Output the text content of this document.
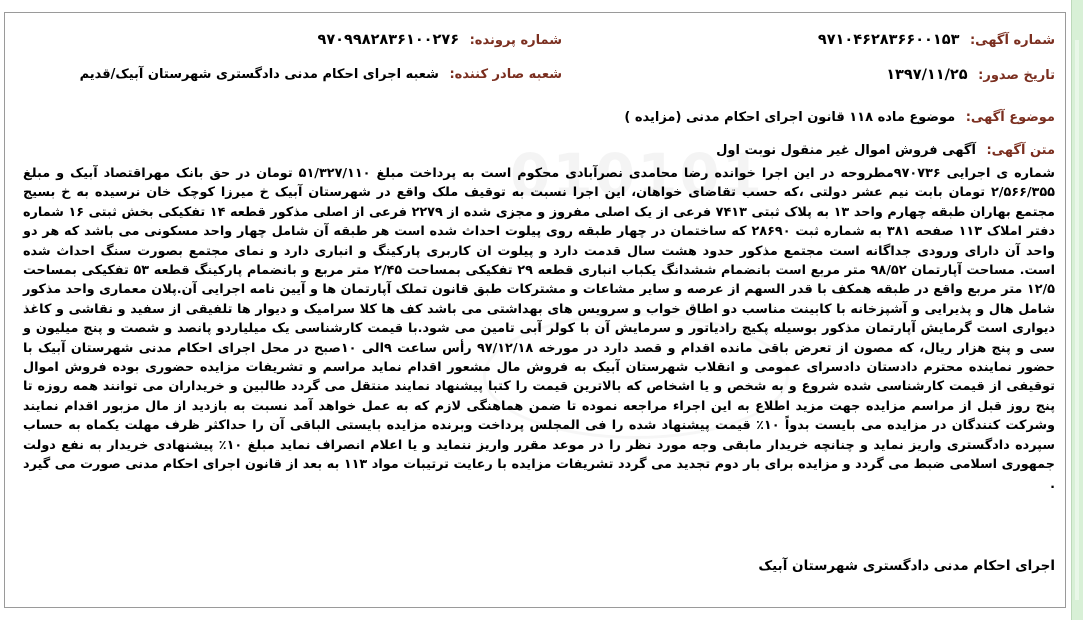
شماره آگهی: ۹۷۱۰۴۶۲۸۳۶۶۰۰۱۵۳
شماره پرونده: ۹۷۰۹۹۸۲۸۳۶۱۰۰۲۷۶
تاریخ صدور: ۱۳۹۷/۱۱/۲۵
شعبه صادر کننده: شعبه اجرای احکام مدنی دادگستری شهرستان آبیک/قدیم
موضوع آگهی: موضوع ماده ۱۱۸ قانون اجرای احکام مدنی (مزایده )
متن آگهی: آگهی فروش اموال غیر منقول نوبت اول
شماره ی اجرایی ۹۷۰۷۳۶مطروحه در این اجرا خوانده رضا محامدی نصرآبادی محکوم است به پرداخت مبلغ ۵۱/۳۲۷/۱۱۰ تومان در حق بانک مهراقتصاد آبیک و مبلغ ۲/۵۶۶/۳۵۵ تومان بابت نیم عشر دولتی ،که حسب تقاضای خواهان، این اجرا نسبت به توقیف ملک واقع در شهرستان آبیک خ میرزا کوچک خان نرسیده به خ بسیج مجتمع بهاران طبقه چهارم واحد ۱۳ به پلاک ثبتی ۷۴۱۳ فرعی از یک اصلی مفروز و مجزی شده از ۲۲۷۹ فرعی از اصلی مذکور قطعه ۱۴ تفکیکی بخش ثبتی ۱۶ شماره دفتر املاک ۱۱۳ صفحه ۳۸۱ به شماره ثبت ۲۸۶۹۰ که ساختمان در چهار طبقه روی پیلوت احداث شده است هر طبقه آن شامل چهار واحد مسکونی می باشد که هر دو واحد آن دارای ورودی جداگانه است مجتمع مذکور حدود هشت سال قدمت دارد و پیلوت ان کاربری پارکینگ و انباری دارد و نمای مجتمع بصورت سنگ احداث شده است. مساحت آپارتمان ۹۸/۵۲ متر مربع است بانضمام ششدانگ یکباب انباری قطعه ۲۹ تفکیکی بمساحت ۲/۴۵ متر مربع و بانضمام پارکینگ قطعه ۵۳ تفکیکی بمساحت ۱۲/۵ متر مربع واقع در طبقه همکف با قدر السهم از عرصه و سایر مشاعات و مشترکات طبق قانون تملک آپارتمان ها و آیین نامه اجرایی آن.پلان معماری واحد مذکور شامل هال و پذیرایی و آشپزخانه با کابینت مناسب دو اطاق خواب و سرویس های بهداشتی می باشد کف ها کلا سرامیک و دیوار ها تلفیقی از سفید و نقاشی و کاغذ دیواری است گرمایش آپارتمان مذکور بوسیله پکیج رادیاتور و سرمایش آن با کولر آبی تامین می شود.با قیمت کارشناسی یک میلیاردو پانصد و شصت و پنج میلیون و سی و پنج هزار ریال، که مصون از تعرض باقی مانده اقدام و قصد دارد در مورخه ۹۷/۱۲/۱۸ رأس ساعت ۹الی ۱۰صبح در محل اجرای احکام مدنی شهرستان آبیک با حضور نماینده محترم دادستان دادسرای عمومی و انقلاب شهرستان آبیک به فروش مال مشعور اقدام نماید مراسم و تشریفات مزایده حضوری بوده فروش اموال توقیفی از قیمت کارشناسی شده شروع و به شخص و یا اشخاص که بالاترین قیمت را کتبا پیشنهاد نمایند منتقل می گردد طالبین و خریداران می توانند همه روزه تا پنج روز قبل از مراسم مزایده جهت مزید اطلاع به این اجراء مراجعه نموده تا ضمن هماهنگی لازم که به عمل خواهد آمد نسبت به بازدید از مال مزبور اقدام نمایند وشرکت کنندگان در مزایده می بایست بدواً ۱۰٪ قیمت پیشنهاد شده را فی المجلس پرداخت وبرنده مزایده بایستی الباقی آن را حداکثر ظرف مهلت یکماه به حساب سپرده دادگستری واریز نماید و چنانچه خریدار مابقی وجه مورد نظر را در موعد مقرر واریز ننماید و یا اعلام انصراف نماید مبلغ ۱۰٪ پیشنهادی خریدار به نفع دولت جمهوری اسلامی ضبط می گردد و مزایده برای بار دوم تجدید می گردد تشریفات مزایده با رعایت ترتیبات مواد ۱۱۳ به بعد از قانون اجرای احکام مدنی صورت می گیرد .
اجرای احکام مدنی دادگستری شهرستان آبیک
